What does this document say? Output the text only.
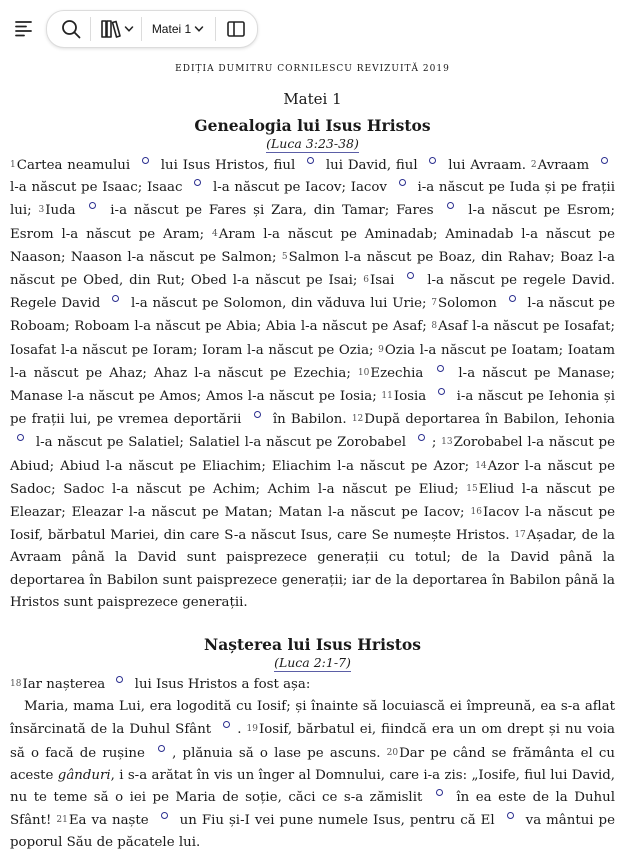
Matei 1
EDIȚIA DUMITRU CORNILESCU REVIZUITĂ 2019
Matei 1
Genealogia lui Isus Hristos
(Luca 3:23-38)

$^1$Cartea neamului  lui Isus Hristos, fiul  lui David, fiul  lui Avraam. $^2$Avraam  l-a născut pe Isaac; Isaac  l-a născut pe Iacov; Iacov  i-a născut pe Iuda și pe frații lui; $^3$Iuda  i-a născut pe Fares și Zara, din Tamar; Fares  l-a născut pe Esrom; Esrom l-a născut pe Aram; $^4$Aram l-a născut pe Aminadab; Aminadab l-a născut pe Naason; Naason l-a născut pe Salmon; $^5$Salmon l-a născut pe Boaz, din Rahav; Boaz l-a născut pe Obed, din Rut; Obed l-a născut pe Isai; $^6$Isai  l-a născut pe regele David. Regele David  l-a născut pe Solomon, din văduva lui Urie; $^7$Solomon  l-a născut pe Roboam; Roboam l-a născut pe Abia; Abia l-a născut pe Asaf; $^8$Asaf l-a născut pe Iosafat; Iosafat l-a născut pe Ioram; Ioram l-a născut pe Ozia; $^9$Ozia l-a născut pe Ioatam; Ioatam l-a născut pe Ahaz; Ahaz l-a născut pe Ezechia; $^{10}$Ezechia  l-a născut pe Manase; Manase l-a născut pe Amos; Amos l-a născut pe Iosia; $^{11}$Iosia  i-a născut pe Iehonia și pe frații lui, pe vremea deportării  în Babilon. $^{12}$După deportarea în Babilon, Iehonia  l-a născut pe Salatiel; Salatiel l-a născut pe Zorobabel ; $^{13}$Zorobabel l-a născut pe Abiud; Abiud l-a născut pe Eliachim; Eliachim l-a născut pe Azor; $^{14}$Azor l-a născut pe Sadoc; Sadoc l-a născut pe Achim; Achim l-a născut pe Eliud; $^{15}$Eliud l-a născut pe Eleazar; Eleazar l-a născut pe Matan; Matan l-a născut pe Iacov; $^{16}$Iacov l-a născut pe Iosif, bărbatul Mariei, din care S-a născut Isus, care Se numește Hristos. $^{17}$Așadar, de la Avraam până la David sunt paisprezece generații cu totul; de la David până la deportarea în Babilon sunt paisprezece generații; iar de la deportarea în Babilon până la Hristos sunt paisprezece generații.

Nașterea lui Isus Hristos
(Luca 2:1-7)

$^{18}$Iar nașterea  lui Isus Hristos a fost așa:

Maria, mama Lui, era logodită cu Iosif; și înainte să locuiască ei împreună, ea s-a aflat însărcinată de la Duhul Sfânt . $^{19}$Iosif, bărbatul ei, fiindcă era un om drept și nu voia să o facă de rușine , plănuia să o lase pe ascuns. $^{20}$Dar pe când se frământa el cu aceste gânduri, i s-a arătat în vis un înger al Domnului, care i-a zis: „Iosife, fiul lui David, nu te teme să o iei pe Maria de soție, căci ce s-a zămislit  în ea este de la Duhul Sfânt! $^{21}$Ea va naște  un Fiu și-I vei pune numele Isus, pentru că El  va mântui pe poporul Său de păcatele lui.
